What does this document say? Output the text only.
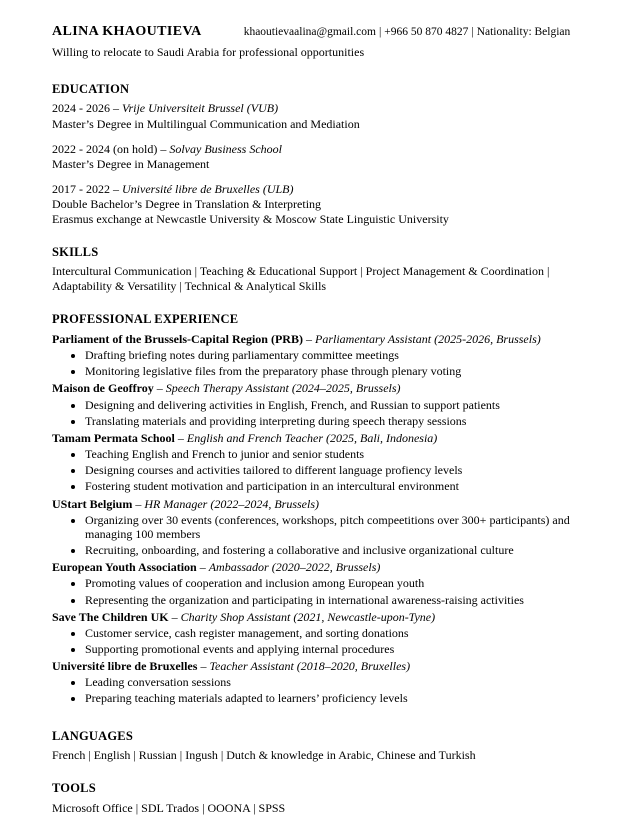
ALINA KHAOUTIEVA	khaoutievaalina@gmail.com | +966 50 870 4827 | Nationality: Belgian

Willing to relocate to Saudi Arabia for professional opportunities

EDUCATION

2024 - 2026 – Vrije Universiteit Brussel (VUB)

Master’s Degree in Multilingual Communication and Mediation

2022 - 2024 (on hold) – Solvay Business School

Master’s Degree in Management

2017 - 2022 – Université libre de Bruxelles (ULB)

Double Bachelor’s Degree in Translation & Interpreting

Erasmus exchange at Newcastle University & Moscow State Linguistic University

SKILLS

Intercultural Communication | Teaching & Educational Support | Project Management & Coordination | Adaptability & Versatility | Technical & Analytical Skills

PROFESSIONAL EXPERIENCE

Parliament of the Brussels-Capital Region (PRB) – Parliamentary Assistant (2025-2026, Brussels)

• Drafting briefing notes during parliamentary committee meetings
• Monitoring legislative files from the preparatory phase through plenary voting

Maison de Geoffroy – Speech Therapy Assistant (2024–2025, Brussels)

• Designing and delivering activities in English, French, and Russian to support patients
• Translating materials and providing interpreting during speech therapy sessions

Tamam Permata School – English and French Teacher (2025, Bali, Indonesia)

• Teaching English and French to junior and senior students
• Designing courses and activities tailored to different language profiency levels
• Fostering student motivation and participation in an intercultural environment

UStart Belgium – HR Manager (2022–2024, Brussels)

• Organizing over 30 events (conferences, workshops, pitch compeetitions over 300+ participants) and managing 100 members
• Recruiting, onboarding, and fostering a collaborative and inclusive organizational culture

European Youth Association – Ambassador (2020–2022, Brussels)

• Promoting values of cooperation and inclusion among European youth
• Representing the organization and participating in international awareness-raising activities

Save The Children UK – Charity Shop Assistant (2021, Newcastle-upon-Tyne)

• Customer service, cash register management, and sorting donations
• Supporting promotional events and applying internal procedures

Université libre de Bruxelles – Teacher Assistant (2018–2020, Bruxelles)

• Leading conversation sessions
• Preparing teaching materials adapted to learners’ proficiency levels
LANGUAGES

French | English | Russian | Ingush | Dutch & knowledge in Arabic, Chinese and Turkish

TOOLS

Microsoft Office | SDL Trados | OOONA | SPSS
